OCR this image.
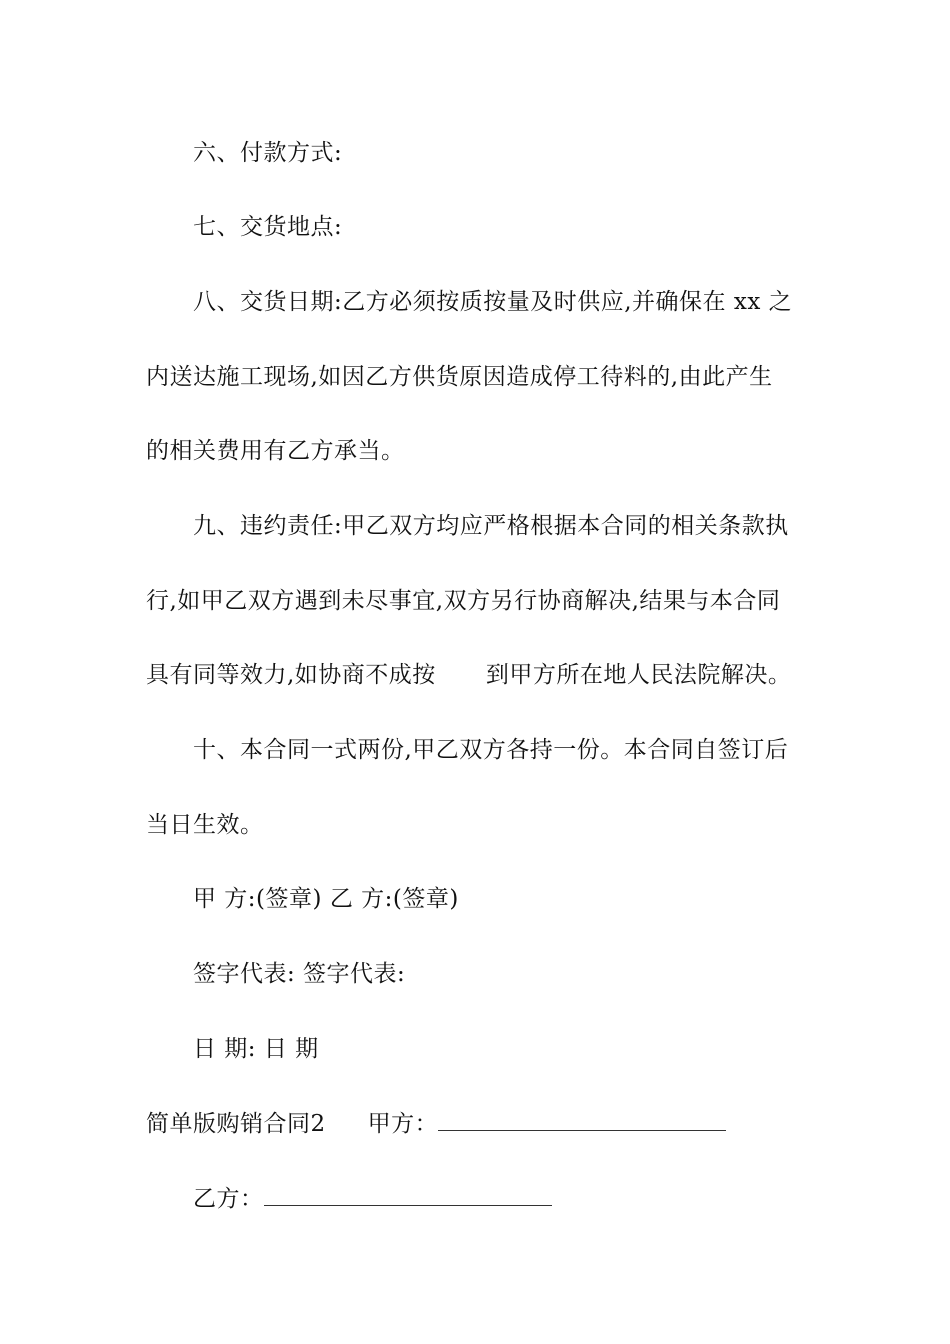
六、付款方式:
七、交货地点:
八、交货日期:乙方必须按质按量及时供应,并确保在 xx 之
内送达施工现场,如因乙方供货原因造成停工待料的,由此产生
的相关费用有乙方承当。
九、违约责任:甲乙双方均应严格根据本合同的相关条款执
行,如甲乙双方遇到未尽事宜,双方另行协商解决,结果与本合同
具有同等效力,如协商不成按 到甲方所在地人民法院解决。
十、本合同一式两份,甲乙双方各持一份。本合同自签订后
当日生效。
甲 方:(签章) 乙 方:(签章)
签字代表: 签字代表:
日 期: 日 期
简单版购销合同2 甲方：
乙方：
